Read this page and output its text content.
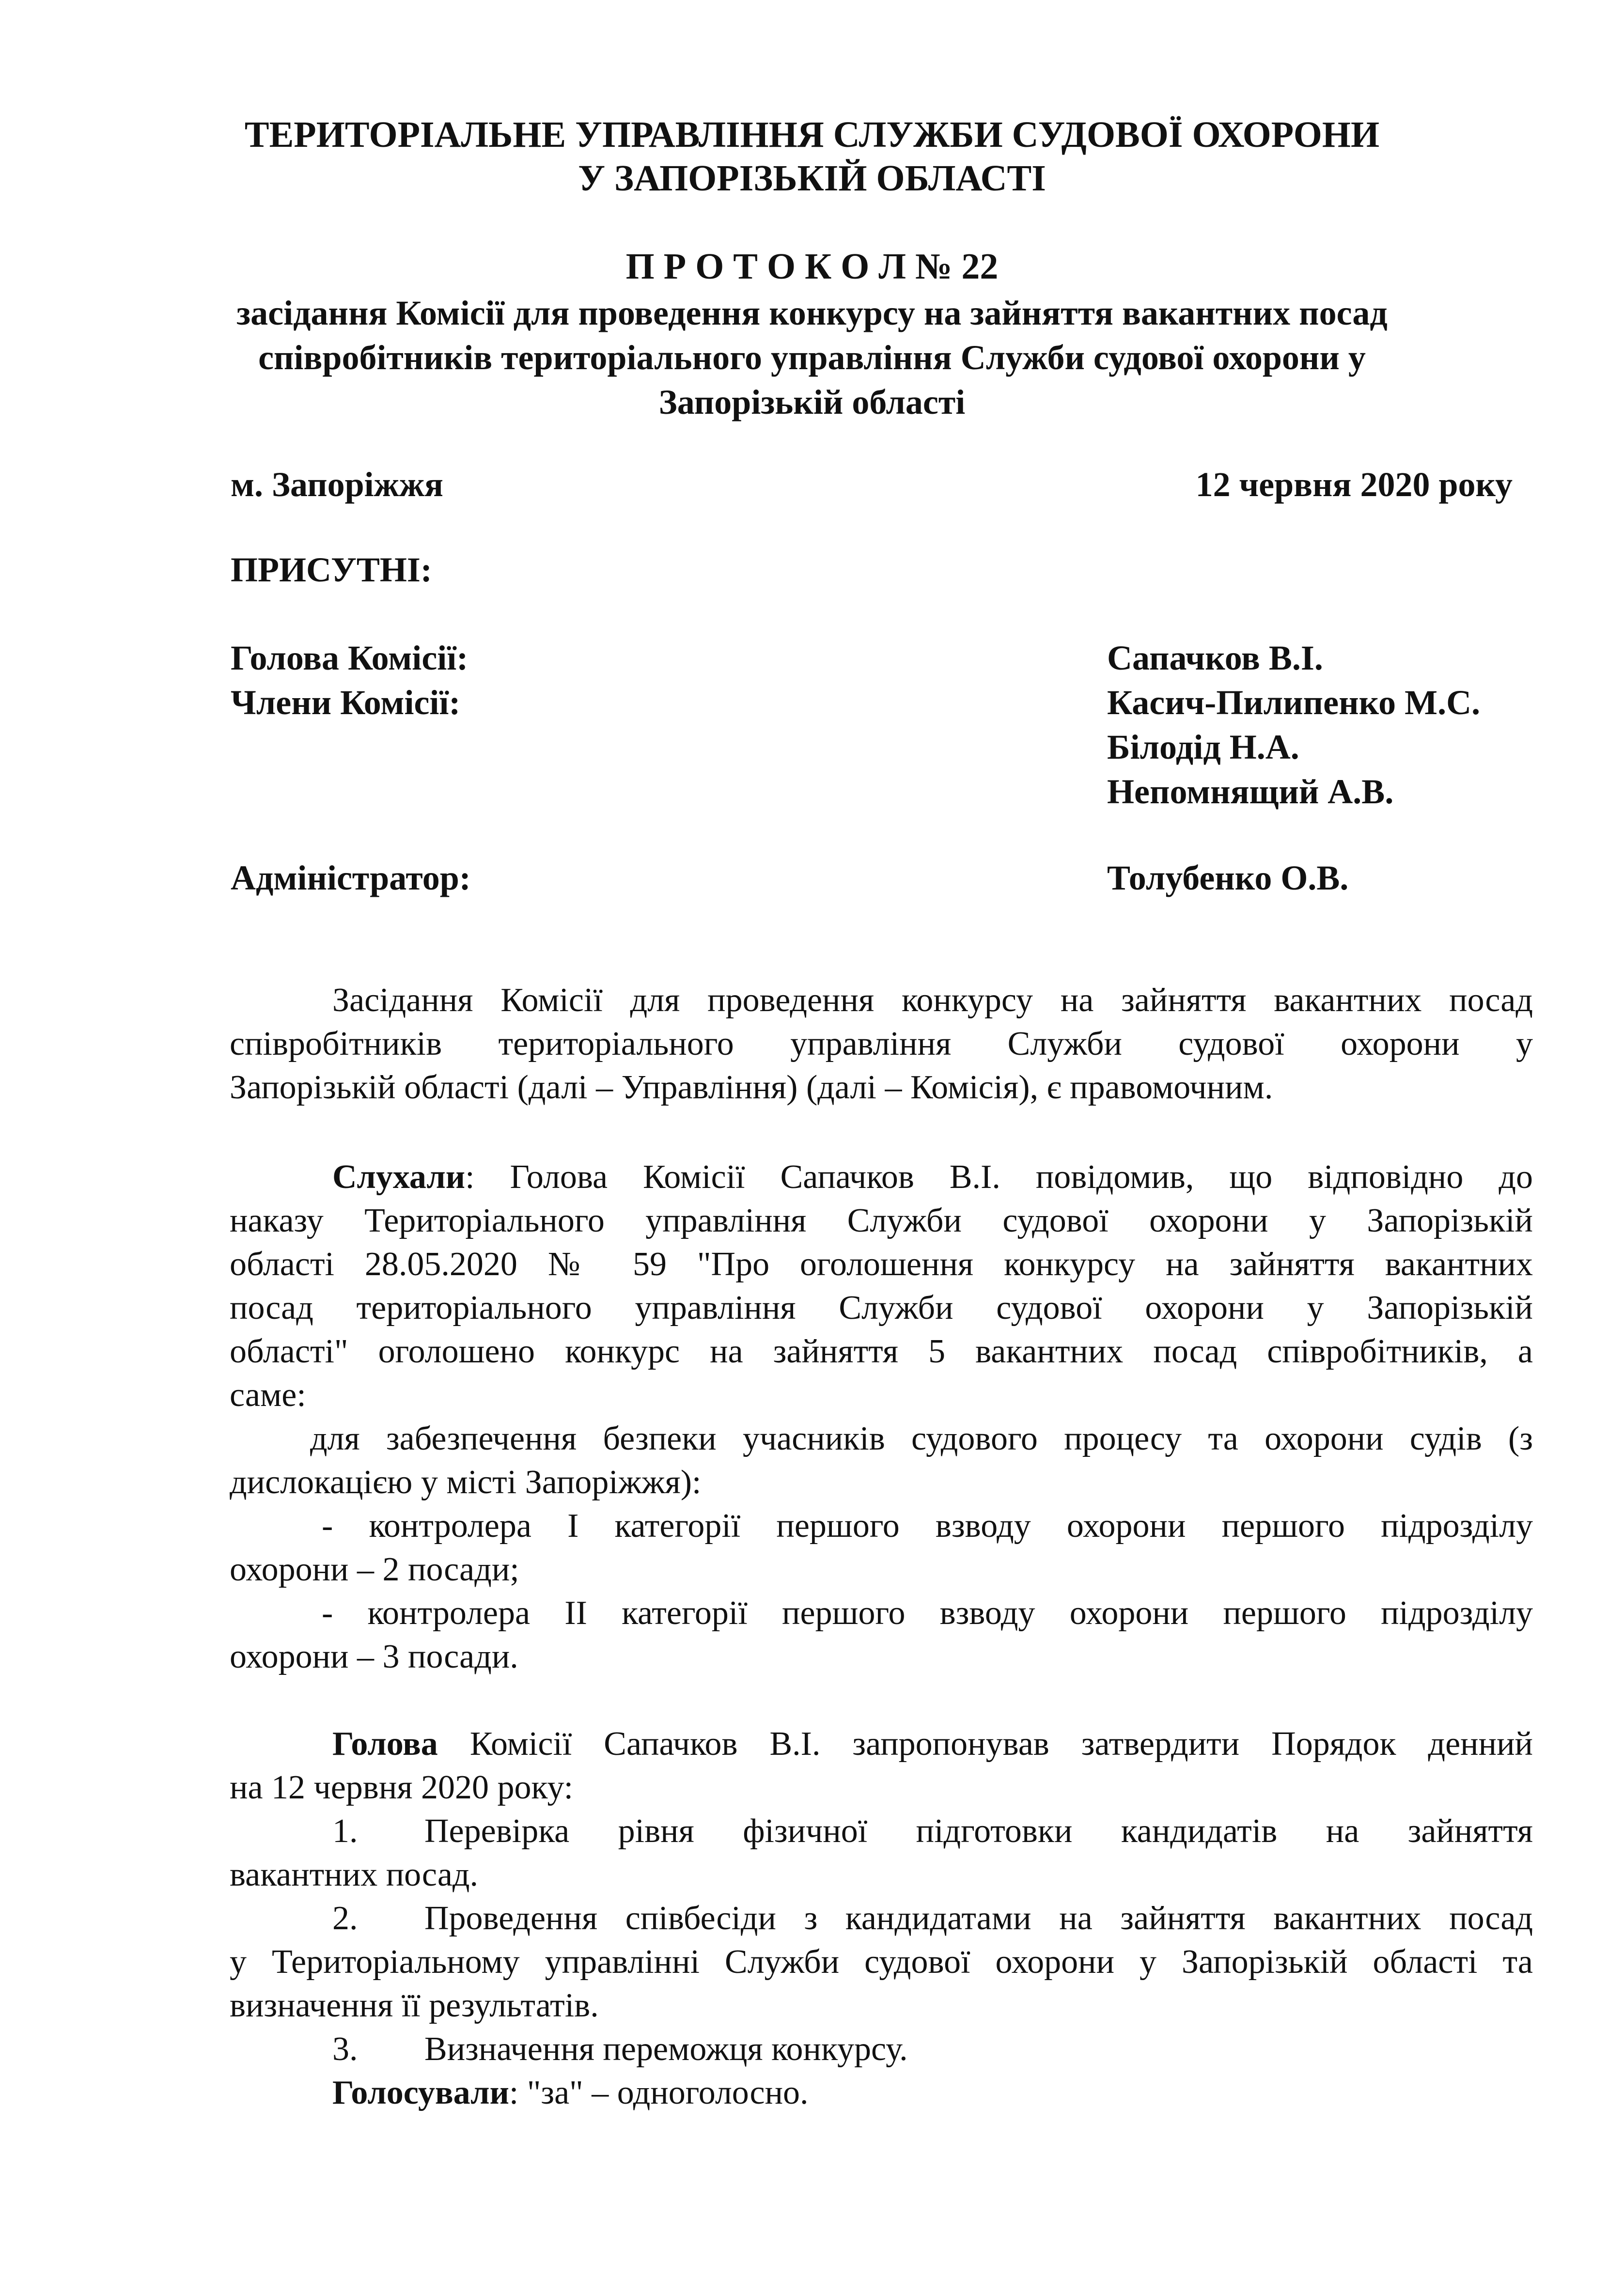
ТЕРИТОРІАЛЬНЕ УПРАВЛІННЯ СЛУЖБИ СУДОВОЇ ОХОРОНИ
У ЗАПОРІЗЬКІЙ ОБЛАСТІ
П Р О Т О К О Л № 22
засідання Комісії для проведення конкурсу на зайняття вакантних посад
співробітників територіального управління Служби судової охорони у
Запорізькій області
м. Запоріжжя	12 червня 2020 року
ПРИСУТНІ:
Голова Комісії:	Сапачков В.І.
Члени Комісії:	Касич-Пилипенко М.С.
Білодід Н.А.
Непомнящий А.В.
Адміністратор:	Толубенко О.В.
Засідання Комісії для проведення конкурсу на зайняття вакантних посад
співробітників територіального управління Служби судової охорони у
Запорізькій області (далі – Управління) (далі – Комісія), є правомочним.
Слухали: Голова Комісії Сапачков В.І. повідомив, що відповідно до
наказу Територіального управління Служби судової охорони у Запорізькій
області 28.05.2020 № 59 "Про оголошення конкурсу на зайняття вакантних
посад територіального управління Служби судової охорони у Запорізькій
області" оголошено конкурс на зайняття 5 вакантних посад співробітників, а
саме:
для забезпечення безпеки учасників судового процесу та охорони судів (з
дислокацією у місті Запоріжжя):
- контролера I категорії першого взводу охорони першого підрозділу
охорони – 2 посади;
- контролера II категорії першого взводу охорони першого підрозділу
охорони – 3 посади.
Голова Комісії Сапачков В.І. запропонував затвердити Порядок денний
на 12 червня 2020 року:
1. Перевірка рівня фізичної підготовки кандидатів на зайняття
вакантних посад.
2. Проведення співбесіди з кандидатами на зайняття вакантних посад
у Територіальному управлінні Служби судової охорони у Запорізькій області та
визначення її результатів.
3. Визначення переможця конкурсу.
Голосували: "за" – одноголосно.
